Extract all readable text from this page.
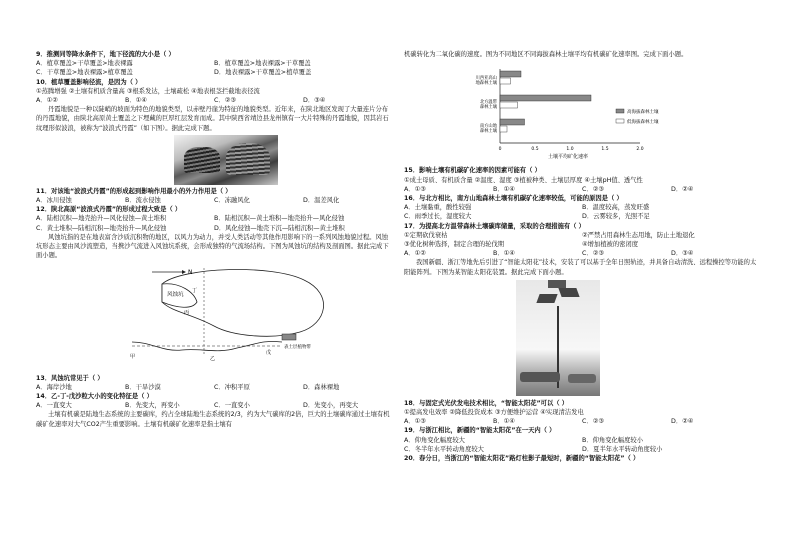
9．推测同等降水条件下，地下径流的大小是（ ）
A．植草覆盖>干草覆盖>地表裸露	B．植草覆盖>地表裸露>干草覆盖
C．干草覆盖>地表裸露>植草覆盖	D．地表裸露>干草覆盖>植草覆盖
10．植草覆盖影响径流，是因为（ ）
①蒸腾增强 ②土壤有机质含量高 ③根系发达，土壤疏松 ④地表根茎拦截地表径流
A．①②	B．①④	C．②③	D．③④
丹霞地貌是一种以陡峭的坡面为特色的地貌类型，以赤壁丹崖为特征的地貌类型。近年来，在陕北地区发现了大量连片分布的丹霞地貌，由陕北高原黄土覆盖之下埋藏的巨厚红层发育而成。其中陕西省靖边县龙州镇有一大片特殊的丹霞地貌，因其岩石纹理形似波浪，被称为“波浪式丹霞”（如下图）。据此完成下题。
11．对该地“波浪式丹霞”的形成起到影响作用最小的外力作用是（ ）
A．冰川侵蚀	B．流水侵蚀	C．冻融风化	D．温差风化
12．陕北高原“波浪式丹霞”的形成过程大致是（ ）
A．陆相沉积—地壳抬升—风化侵蚀—黄土堆积	B．陆相沉积—黄土堆积—地壳抬升—风化侵蚀
C．黄土堆积—陆相沉积—地壳抬升—风化侵蚀	D．风化侵蚀—地壳下沉—陆相沉积—黄土堆积
风蚀坑指的是在地表富含沙质沉积物的地区，以风力为动力，并受人类活动等其他作用影响下的一系列风蚀地貌过程。风蚀坑形态主要由风沙流塑造，当携沙气流进入风蚀坑系统，会形成独特的气流场结构。下图为风蚀坑的结构及剖面图。据此完成下面小题。
N
风蚀坑
丁
丙
甲	乙
戊
表土层植物带
13．风蚀坑常见于（ ）
A．海岸沙地	B．干旱沙漠	C．冲积平原	D．森林裸地
14．乙-丁-戊沙粒大小的变化特征是（ ）
A．一直变大	B．先变大，再变小	C．一直变小	D．先变小，再变大
土壤有机碳是陆地生态系统的主要碳库，约占全球陆地生态系统的2/3，约为大气碳库的2倍，巨大的土壤碳库通过土壤有机碳矿化速率对大气CO2产生重要影响。土壤有机碳矿化速率是指土壤有
机碳转化为二氧化碳的速度。图为不同地区不同海拔森林土壤平均有机碳矿化速率图。完成下面小题。
川西亚高山地森林土壤
北方温带森林土壤
南方山地森林土壤
0	0.5	1.0	1.5	2.0
土壤平均矿化速率
高海拔森林土壤
低海拔森林土壤
15．影响土壤有机碳矿化速率的因素可能有（ ）
①成土母质、有机质含量 ②温度、湿度 ③植被种类、土壤层厚度 ④土壤pH值、透气性
A．①③	B．①④	C．②③	D．②④
16．与北方相比，南方山地森林土壤有机碳矿化速率较低，可能的原因是（ ）
A．土壤黏重，酸性较强	B．温度较高，蒸发旺盛
C．雨季过长，湿度较大	D．云雾较多，光照不足
17．为提高北方温带森林土壤碳库储量，采取的合理措施有（ ）
①定期砍伐衰枯	②严禁占用森林生态用地，防止土地退化
③优化树种选择，制定合理的轮伐期	④增加植被的密闭度
A．①②	B．①④	C．②③	D．③④
我国新疆、浙江等地先后引进了“智能太阳花”技术，安装了可以基于全年日照轨迹，并具备自动清洗、远程操控等功能的太阳能阵列。下图为某智能太阳花装置。据此完成下面小题。
18．与固定式光伏发电技术相比，“智能太阳花”可以（ ）
①提高发电效率 ②降低投资成本 ③方便维护运营 ④实现清洁发电
A．①③	B．①④	C．②③	D．②④
19．与浙江相比，新疆的“智能太阳花”在一天内（ ）
A．仰角变化幅度较大	B．仰角变化幅度较小
C．冬半年水平转动角度较大	D．夏半年水平转动角度较小
20．春分日，当浙江的“智能太阳花”路灯柱影子最短时，新疆的“智能太阳花”（ ）
